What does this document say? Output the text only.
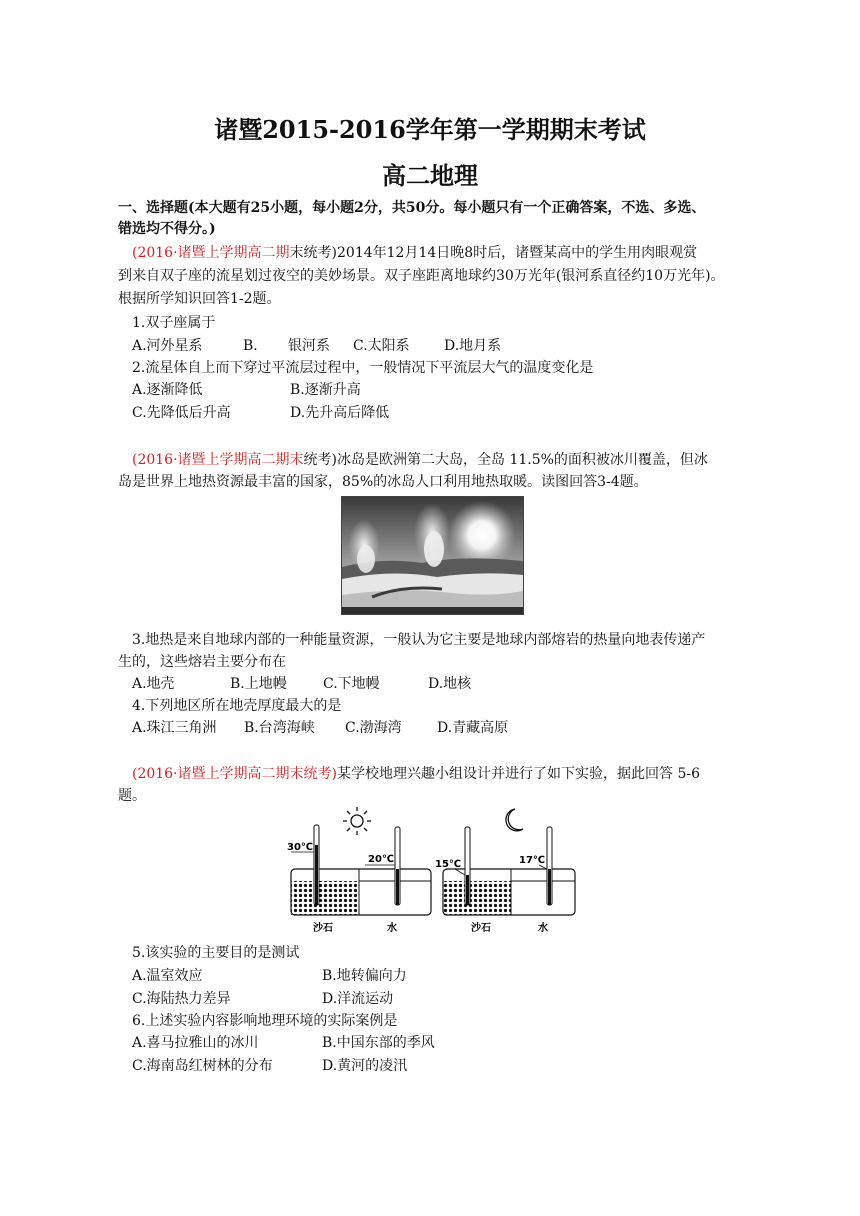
诸暨2015-2016学年第一学期期末考试
高二地理
一、选择题(本大题有25小题，每小题2分，共50分。每小题只有一个正确答案，不选、多选、
错选均不得分。)
(2016·诸暨上学期高二期末统考)2014年12月14日晚8时后，诸暨某高中的学生用肉眼观赏
到来自双子座的流星划过夜空的美妙场景。双子座距离地球约30万光年(银河系直径约10万光年)。
根据所学知识回答1-2题。
1.双子座属于
A.河外星系	B. 银河系 C.太阳系 D.地月系
2.流星体自上而下穿过平流层过程中，一般情况下平流层大气的温度变化是
A.逐渐降低	B.逐渐升高
C.先降低后升高	D.先升高后降低
(2016·诸暨上学期高二期末统考)冰岛是欧洲第二大岛，全岛 11.5%的面积被冰川覆盖，但冰
岛是世界上地热资源最丰富的国家，85%的冰岛人口利用地热取暖。读图回答3-4题。
3.地热是来自地球内部的一种能量资源，一般认为它主要是地球内部熔岩的热量向地表传递产
生的，这些熔岩主要分布在
A.地壳	B.上地幔	C.下地幔	D.地核
4.下列地区所在地壳厚度最大的是
A.珠江三角洲 B.台湾海峡 C.渤海湾	D.青藏高原
(2016·诸暨上学期高二期末统考)某学校地理兴趣小组设计并进行了如下实验，据此回答 5-6
题。
30℃
20℃
沙石	水
15℃	17℃
沙石	水
5.该实验的主要目的是测试
A.温室效应	B.地转偏向力
C.海陆热力差异	D.洋流运动
6.上述实验内容影响地理环境的实际案例是
A.喜马拉雅山的冰川	B.中国东部的季风
C.海南岛红树林的分布	D.黄河的凌汛
